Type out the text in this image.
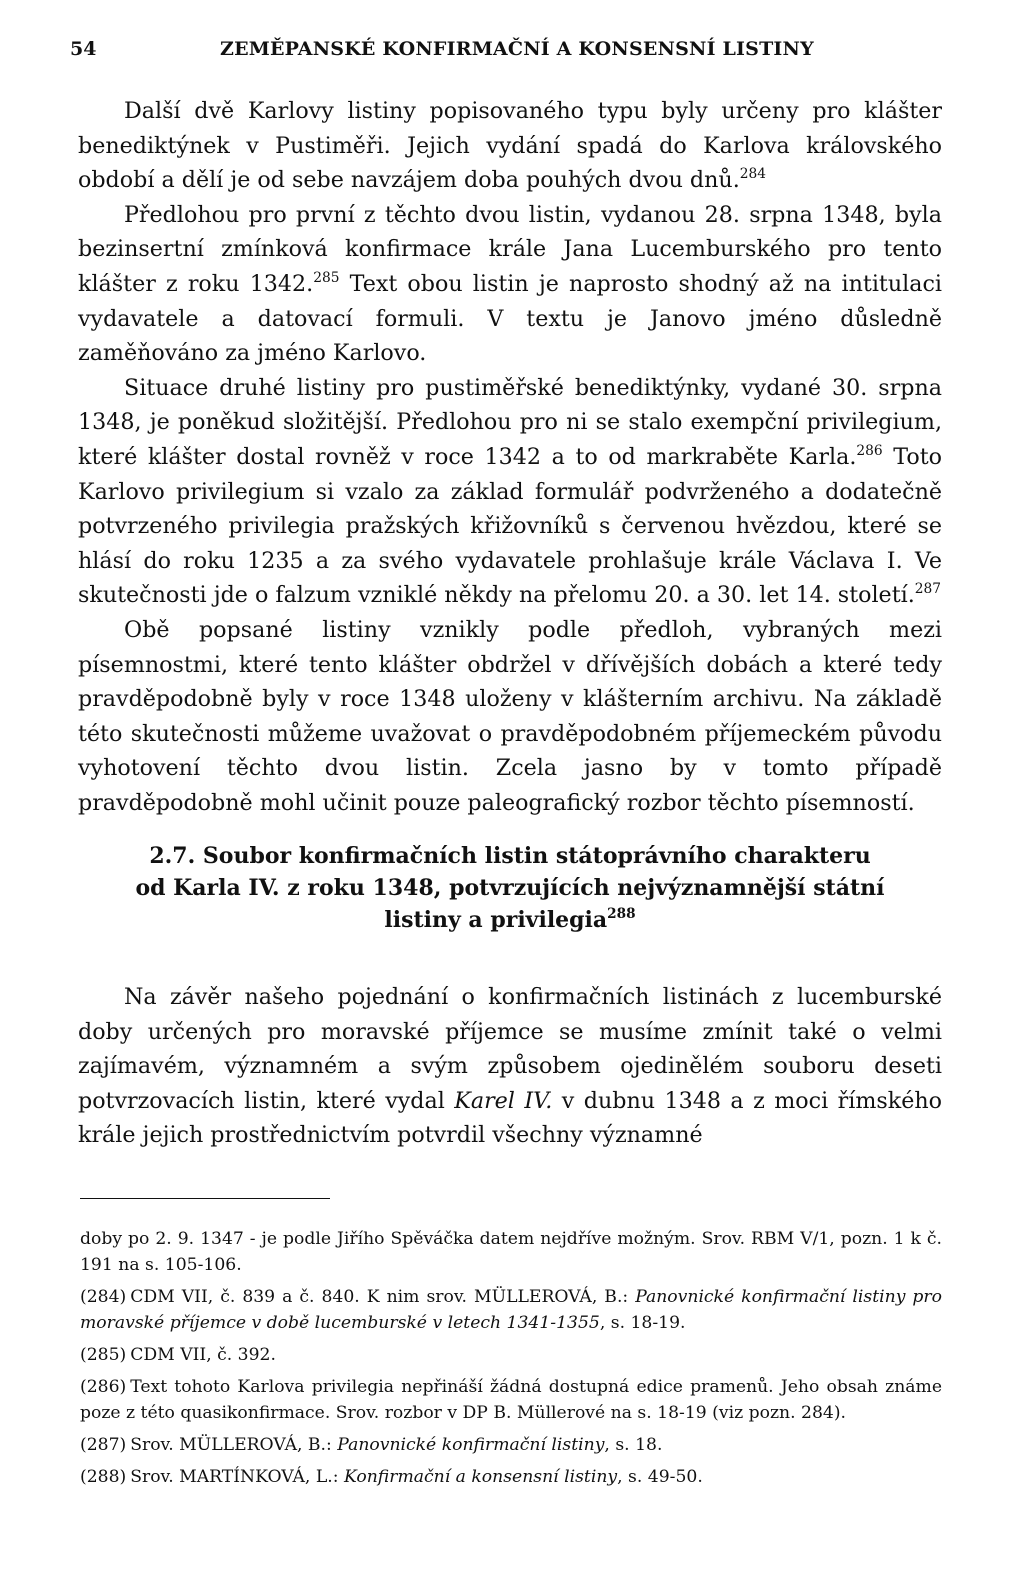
54	ZEMĚPANSKÉ KONFIRMAČNÍ A KONSENSNÍ LISTINY

Další dvě Karlovy listiny popisovaného typu byly určeny pro klášter benediktýnek v Pustiměři. Jejich vydání spadá do Karlova královského období a dělí je od sebe navzájem doba pouhých dvou dnů.$^{284}$

Předlohou pro první z těchto dvou listin, vydanou 28. srpna 1348, byla bezinsertní zmínková konfirmace krále Jana Lucemburského pro tento klášter z roku 1342.$^{285}$ Text obou listin je naprosto shodný až na intitulaci vydavatele a datovací formuli. V textu je Janovo jméno důsledně zaměňováno za jméno Karlovo.

Situace druhé listiny pro pustiměřské benediktýnky, vydané 30. srpna 1348, je poněkud složitější. Předlohou pro ni se stalo exempční privilegium, které klášter dostal rovněž v roce 1342 a to od markraběte Karla.$^{286}$ Toto Karlovo privilegium si vzalo za základ formulář podvrženého a dodatečně potvrzeného privilegia pražských křižovníků s červenou hvězdou, které se hlásí do roku 1235 a za svého vydavatele prohlašuje krále Václava I. Ve skutečnosti jde o falzum vzniklé někdy na přelomu 20. a 30. let 14. století.$^{287}$

Obě popsané listiny vznikly podle předloh, vybraných mezi písemnostmi, které tento klášter obdržel v dřívějších dobách a které tedy pravděpodobně byly v roce 1348 uloženy v klášterním archivu. Na základě této skutečnosti můžeme uvažovat o pravděpodobném příjemeckém původu vyhotovení těchto dvou listin. Zcela jasno by v tomto případě pravděpodobně mohl učinit pouze paleografický rozbor těchto písemností.

2.7. Soubor konfirmačních listin státoprávního charakteru
od Karla IV. z roku 1348, potvrzujících nejvýznamnější státní
listiny a privilegia$^{288}$

Na závěr našeho pojednání o konfirmačních listinách z lucemburské doby určených pro moravské příjemce se musíme zmínit také o velmi zajímavém, významném a svým způsobem ojedinělém souboru deseti potvrzovacích listin, které vydal Karel IV. v dubnu 1348 a z moci římského krále jejich prostřednictvím potvrdil všechny významné

doby po 2. 9. 1347 - je podle Jiřího Spěváčka datem nejdříve možným. Srov. RBM V/1, pozn. 1 k č. 191 na s. 105-106.
(284) CDM VII, č. 839 a č. 840. K nim srov. MÜLLEROVÁ, B.: Panovnické konfirmační listiny pro moravské příjemce v době lucemburské v letech 1341-1355, s. 18-19.
(285) CDM VII, č. 392.
(286) Text tohoto Karlova privilegia nepřináší žádná dostupná edice pramenů. Jeho obsah známe poze z této quasikonfirmace. Srov. rozbor v DP B. Müllerové na s. 18-19 (viz pozn. 284).
(287) Srov. MÜLLEROVÁ, B.: Panovnické konfirmační listiny, s. 18.
(288) Srov. MARTÍNKOVÁ, L.: Konfirmační a konsensní listiny, s. 49-50.
